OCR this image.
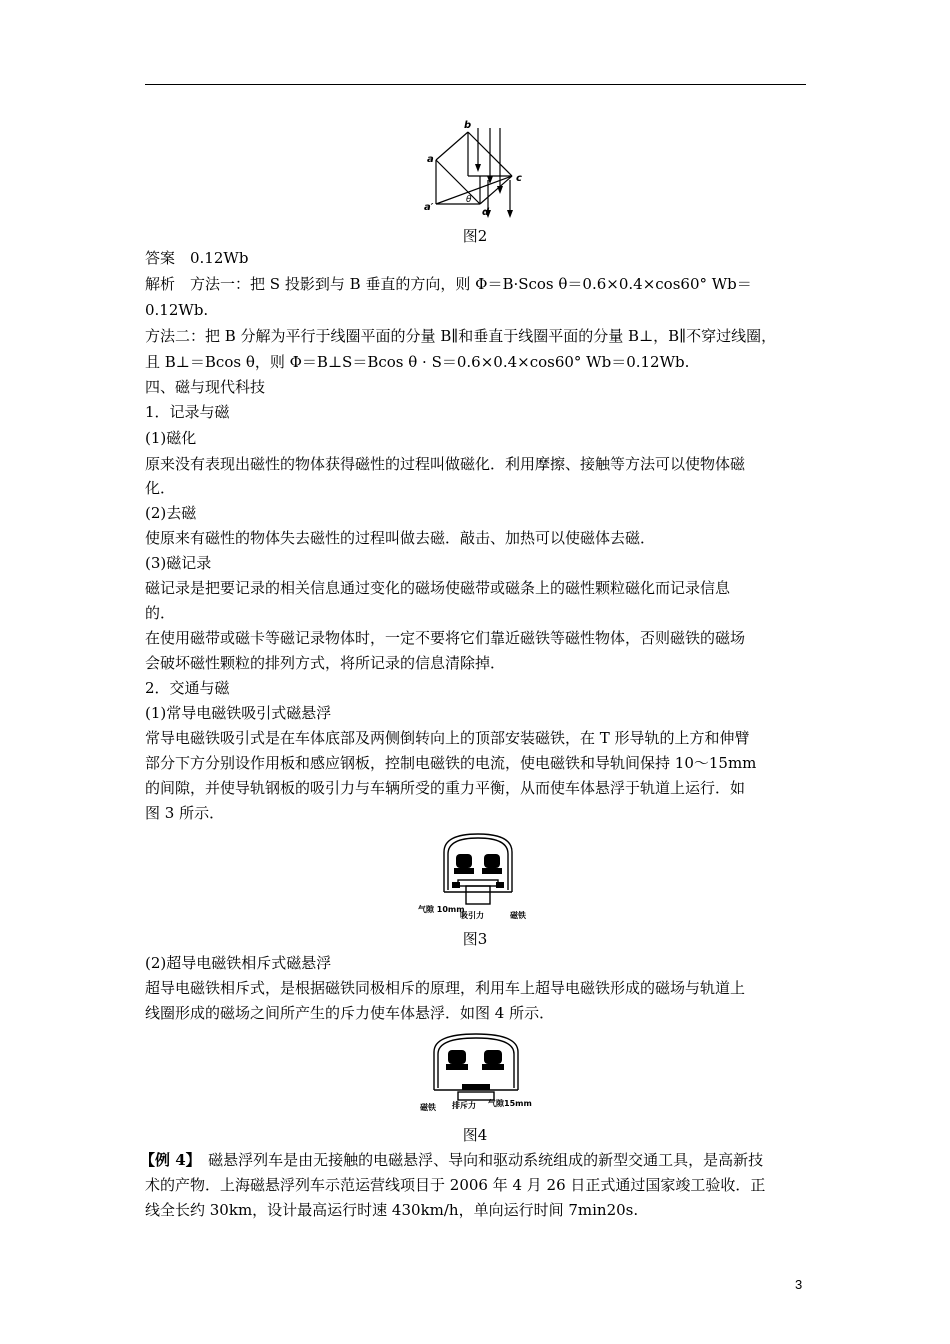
b
a
c
a′	d
θ
图2
答案　0.12Wb
解析　方法一：把 S 投影到与 B 垂直的方向，则 Φ＝B·Scos θ＝0.6×0.4×cos60° Wb＝
0.12Wb.
方法二：把 B 分解为平行于线圈平面的分量 B∥和垂直于线圈平面的分量 B⊥，B∥不穿过线圈，
且 B⊥＝Bcos θ，则 Φ＝B⊥S＝Bcos θ · S＝0.6×0.4×cos60° Wb＝0.12Wb.
四、磁与现代科技
1．记录与磁
(1)磁化
原来没有表现出磁性的物体获得磁性的过程叫做磁化．利用摩擦、接触等方法可以使物体磁
化．
(2)去磁
使原来有磁性的物体失去磁性的过程叫做去磁．敲击、加热可以使磁体去磁．
(3)磁记录
磁记录是把要记录的相关信息通过变化的磁场使磁带或磁条上的磁性颗粒磁化而记录信息
的．
在使用磁带或磁卡等磁记录物体时，一定不要将它们靠近磁铁等磁性物体，否则磁铁的磁场
会破坏磁性颗粒的排列方式，将所记录的信息清除掉．
2．交通与磁
(1)常导电磁铁吸引式磁悬浮
常导电磁铁吸引式是在车体底部及两侧倒转向上的顶部安装磁铁，在 T 形导轨的上方和伸臂
部分下方分别设作用板和感应钢板，控制电磁铁的电流，使电磁铁和导轨间保持 10～15mm
的间隙，并使导轨钢板的吸引力与车辆所受的重力平衡，从而使车体悬浮于轨道上运行．如
图 3 所示．
气隙 10mm
吸引力	磁铁
图3
(2)超导电磁铁相斥式磁悬浮
超导电磁铁相斥式，是根据磁铁同极相斥的原理，利用车上超导电磁铁形成的磁场与轨道上
线圈形成的磁场之间所产生的斥力使车体悬浮．如图 4 所示．
磁铁 排斥力 气隙15mm
图4
【例 4】　磁悬浮列车是由无接触的电磁悬浮、导向和驱动系统组成的新型交通工具，是高新技
术的产物．上海磁悬浮列车示范运营线项目于 2006 年 4 月 26 日正式通过国家竣工验收．正
线全长约 30km，设计最高运行时速 430km/h，单向运行时间 7min20s.
3
